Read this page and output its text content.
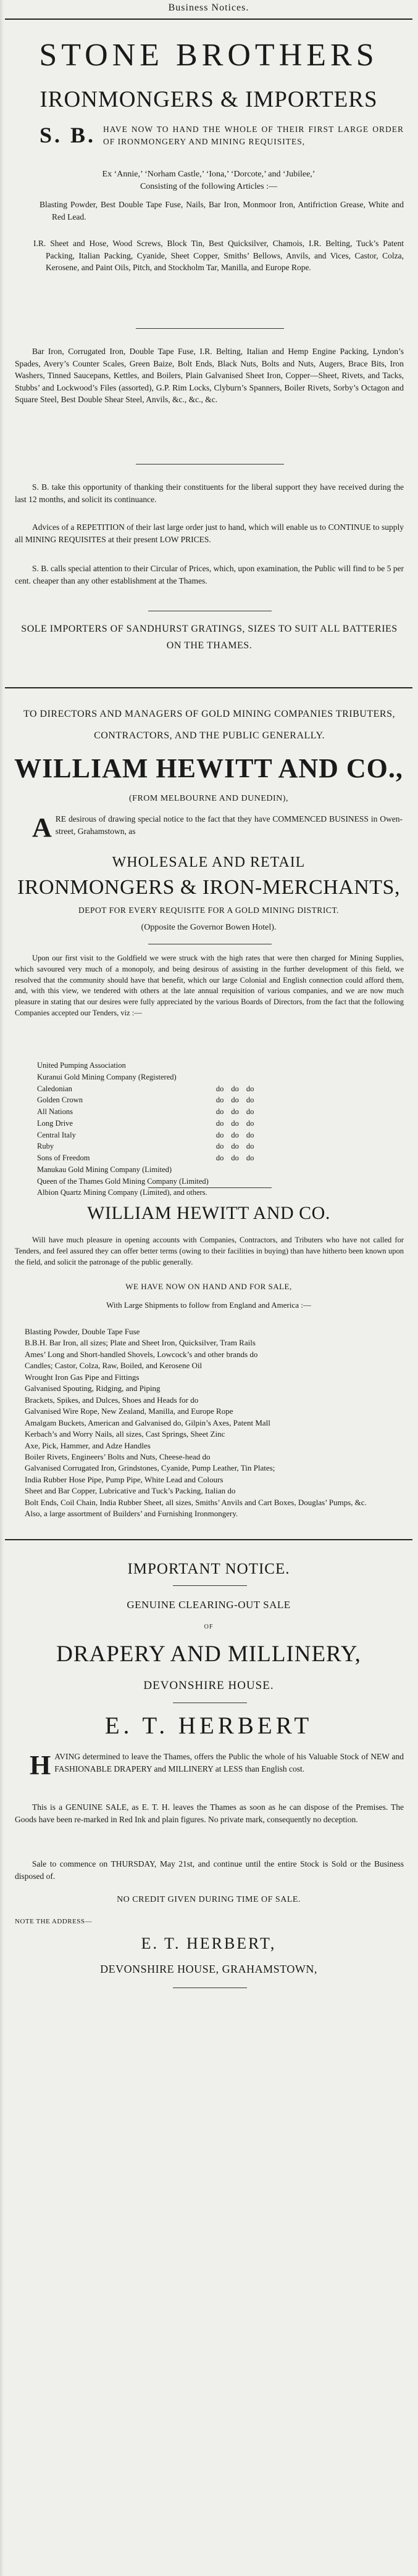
Business Notices.
STONE BROTHERS
IRONMONGERS & IMPORTERS
S. B. HAVE NOW TO HAND THE WHOLE OF THEIR FIRST LARGE ORDER OF IRONMONGERY AND MINING REQUISITES,
Ex ‘Annie,’ ‘Norham Castle,’ ‘Iona,’ ‘Dorcote,’ and ‘Jubilee,’
Consisting of the following Articles :—
Blasting Powder, Best Double Tape Fuse, Nails, Bar Iron, Monmoor Iron, Antifriction Grease, White and Red Lead.
I.R. Sheet and Hose, Wood Screws, Block Tin, Best Quicksilver, Chamois, I.R. Belting, Tuck’s Patent Packing, Italian Packing, Cyanide, Sheet Copper, Smiths’ Bellows, Anvils, and Vices, Castor, Colza, Kerosene, and Paint Oils, Pitch, and Stockholm Tar, Manilla, and Europe Rope.
Bar Iron, Corrugated Iron, Double Tape Fuse, I.R. Belting, Italian and Hemp Engine Packing, Lyndon’s Spades, Avery’s Counter Scales, Green Baize, Bolt Ends, Black Nuts, Bolts and Nuts, Augers, Brace Bits, Iron Washers, Tinned Saucepans, Kettles, and Boilers, Plain Galvanised Sheet Iron, Copper—Sheet, Rivets, and Tacks, Stubbs’ and Lockwood’s Files (assorted), G.P. Rim Locks, Clyburn’s Spanners, Boiler Rivets, Sorby’s Octagon and Square Steel, Best Double Shear Steel, Anvils, &c., &c., &c.
S. B. take this opportunity of thanking their constituents for the liberal support they have received during the last 12 months, and solicit its continuance.
Advices of a REPETITION of their last large order just to hand, which will enable us to CONTINUE to supply all MINING REQUISITES at their present LOW PRICES.
S. B. calls special attention to their Circular of Prices, which, upon examination, the Public will find to be 5 per cent. cheaper than any other establishment at the Thames.
SOLE IMPORTERS OF SANDHURST GRATINGS, SIZES TO SUIT ALL BATTERIES ON THE THAMES.
TO DIRECTORS AND MANAGERS OF GOLD MINING COMPANIES TRIBUTERS, CONTRACTORS, AND THE PUBLIC GENERALLY.
WILLIAM HEWITT AND CO.,
(FROM MELBOURNE AND DUNEDIN),
A RE desirous of drawing special notice to the fact that they have COMMENCED BUSINESS in Owen-street, Grahamstown, as
WHOLESALE AND RETAIL
IRONMONGERS & IRON-MERCHANTS,
DEPOT FOR EVERY REQUISITE FOR A GOLD MINING DISTRICT.
(Opposite the Governor Bowen Hotel).
Upon our first visit to the Goldfield we were struck with the high rates that were then charged for Mining Supplies, which savoured very much of a monopoly, and being desirous of assisting in the further development of this field, we resolved that the community should have that benefit, which our large Colonial and English connection could afford them, and, with this view, we tendered with others at the late annual requisition of various companies, and we are now much pleasure in stating that our desires were fully appreciated by the various Boards of Directors, from the fact that the following Companies accepted our Tenders, viz :—
United Pumping Association			
Kuranui Gold Mining Company (Registered)			
Caledonian	do	do	do
Golden Crown	do	do	do
All Nations	do	do	do
Long Drive	do	do	do
Central Italy	do	do	do
Ruby	do	do	do
Sons of Freedom	do	do	do
Manukau Gold Mining Company (Limited)			
Queen of the Thames Gold Mining Company (Limited)			
Albion Quartz Mining Company (Limited), and others.			
WILLIAM HEWITT AND CO.
Will have much pleasure in opening accounts with Companies, Contractors, and Tributers who have not called for Tenders, and feel assured they can offer better terms (owing to their facilities in buying) than have hitherto been known upon the field, and solicit the patronage of the public generally.
WE HAVE NOW ON HAND AND FOR SALE,
With Large Shipments to follow from England and America :—
Blasting Powder, Double Tape Fuse
B.B.H. Bar Iron, all sizes; Plate and Sheet Iron, Quicksilver, Tram Rails
Ames’ Long and Short-handled Shovels, Lowcock’s and other brands do
Candles; Castor, Colza, Raw, Boiled, and Kerosene Oil
Wrought Iron Gas Pipe and Fittings
Galvanised Spouting, Ridging, and Piping
Brackets, Spikes, and Dulces, Shoes and Heads for do
Galvanised Wire Rope, New Zealand, Manilla, and Europe Rope
Amalgam Buckets, American and Galvanised do, Gilpin’s Axes, Patent Mall
Kerbach’s and Worry Nails, all sizes, Cast Springs, Sheet Zinc
Axe, Pick, Hammer, and Adze Handles
Boiler Rivets, Engineers’ Bolts and Nuts, Cheese-head do
Galvanised Corrugated Iron, Grindstones, Cyanide, Pump Leather, Tin Plates;
India Rubber Hose Pipe, Pump Pipe, White Lead and Colours
Sheet and Bar Copper, Lubricative and Tuck’s Packing, Italian do
Bolt Ends, Coil Chain, India Rubber Sheet, all sizes, Smiths’ Anvils and Cart Boxes, Douglas’ Pumps, &c.
Also, a large assortment of Builders’ and Furnishing Ironmongery.
IMPORTANT NOTICE.
GENUINE CLEARING-OUT SALE
OF
DRAPERY AND MILLINERY,
DEVONSHIRE HOUSE.
E. T. HERBERT
H AVING determined to leave the Thames, offers the Public the whole of his Valuable Stock of NEW and FASHIONABLE DRAPERY and MILLINERY at LESS than English cost.
This is a GENUINE SALE, as E. T. H. leaves the Thames as soon as he can dispose of the Premises. The Goods have been re-marked in Red Ink and plain figures. No private mark, consequently no deception.
Sale to commence on THURSDAY, May 21st, and continue until the entire Stock is Sold or the Business disposed of.
NO CREDIT GIVEN DURING TIME OF SALE.
NOTE THE ADDRESS—
E. T. HERBERT,
DEVONSHIRE HOUSE, GRAHAMSTOWN,
